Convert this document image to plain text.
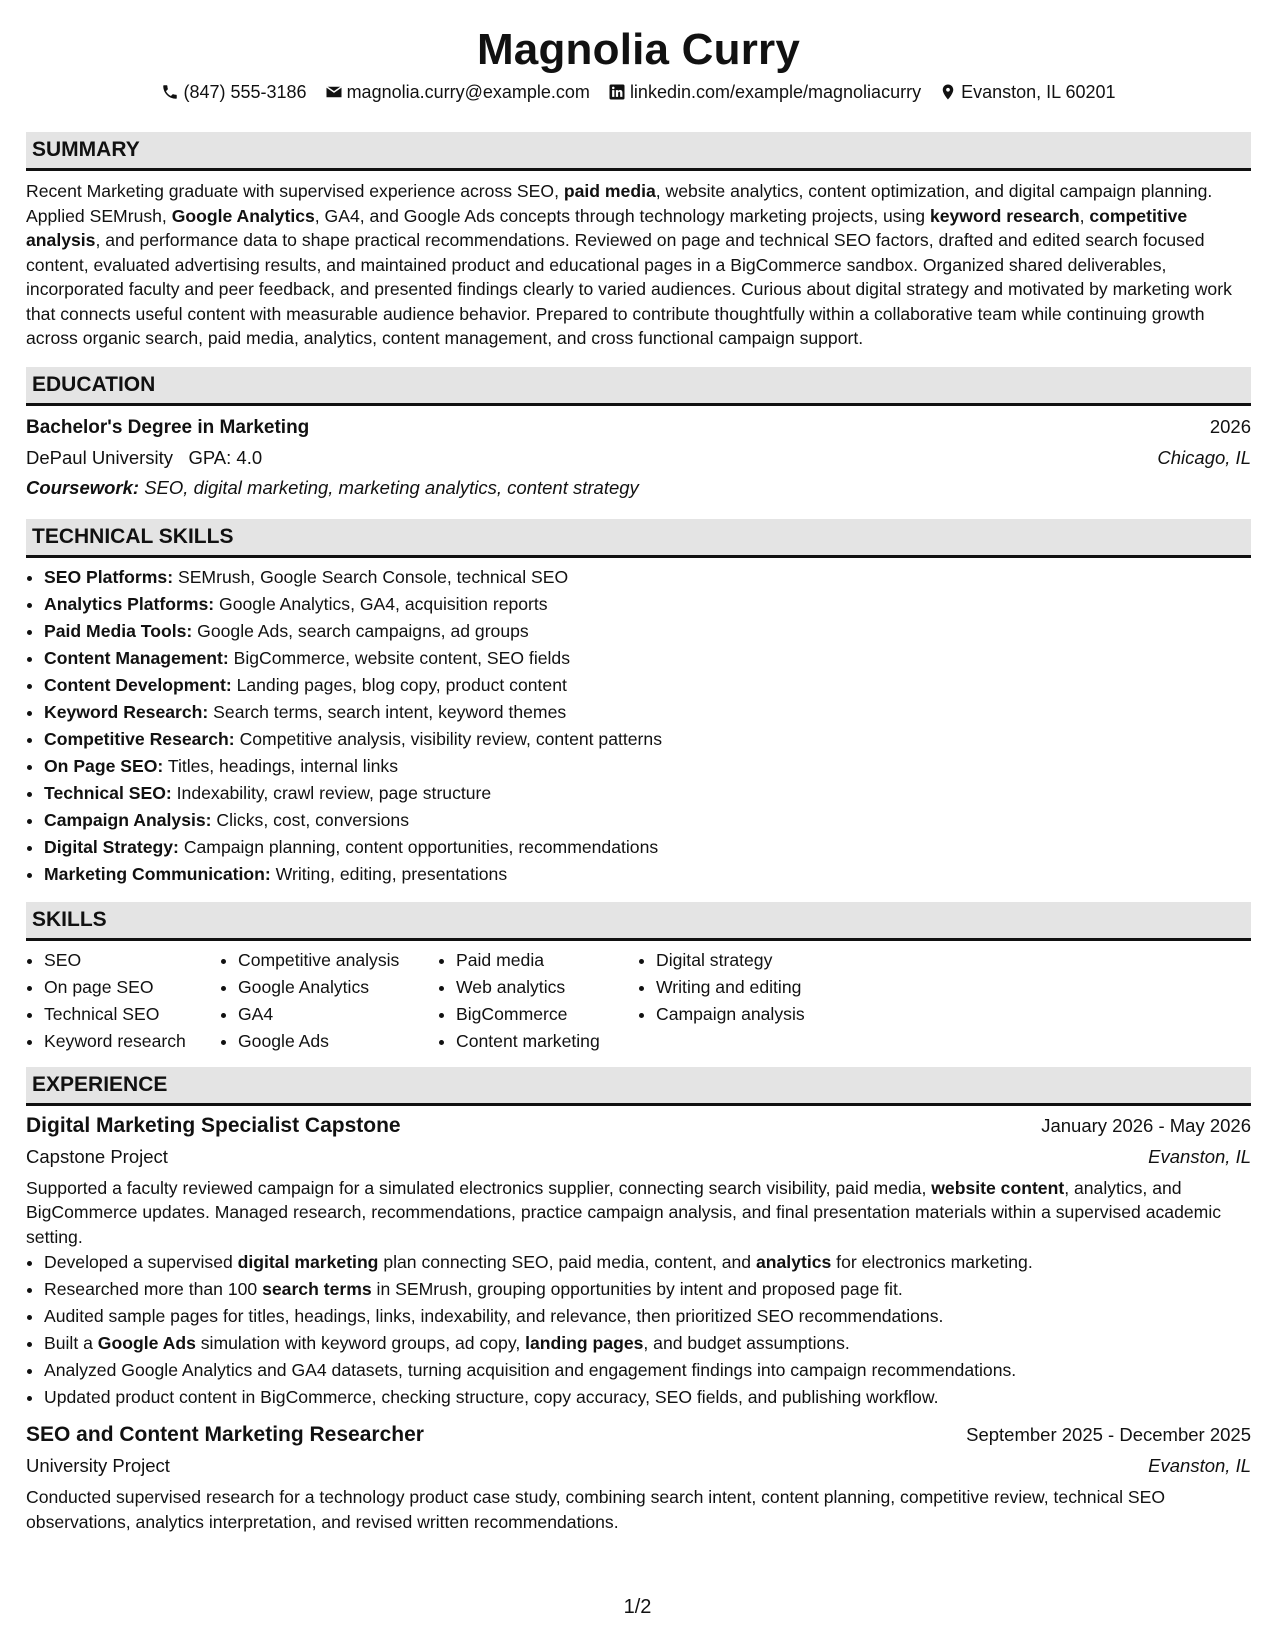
Magnolia Curry
(847) 555-3186 magnolia.curry@example.com linkedin.com/example/magnoliacurry Evanston, IL 60201
SUMMARY

Recent Marketing graduate with supervised experience across SEO, paid media, website analytics, content optimization, and digital campaign planning. Applied SEMrush, Google Analytics, GA4, and Google Ads concepts through technology marketing projects, using keyword research, competitive analysis, and performance data to shape practical recommendations. Reviewed on page and technical SEO factors, drafted and edited search focused content, evaluated advertising results, and maintained product and educational pages in a BigCommerce sandbox. Organized shared deliverables, incorporated faculty and peer feedback, and presented findings clearly to varied audiences. Curious about digital strategy and motivated by marketing work that connects useful content with measurable audience behavior. Prepared to contribute thoughtfully within a collaborative team while continuing growth across organic search, paid media, analytics, content management, and cross functional campaign support.

EDUCATION
Bachelor's Degree in Marketing	2026
DePaul University GPA: 4.0	Chicago, IL
Coursework: SEO, digital marketing, marketing analytics, content strategy
TECHNICAL SKILLS
• SEO Platforms: SEMrush, Google Search Console, technical SEO
• Analytics Platforms: Google Analytics, GA4, acquisition reports
• Paid Media Tools: Google Ads, search campaigns, ad groups
• Content Management: BigCommerce, website content, SEO fields
• Content Development: Landing pages, blog copy, product content
• Keyword Research: Search terms, search intent, keyword themes
• Competitive Research: Competitive analysis, visibility review, content patterns
• On Page SEO: Titles, headings, internal links
• Technical SEO: Indexability, crawl review, page structure
• Campaign Analysis: Clicks, cost, conversions
• Digital Strategy: Campaign planning, content opportunities, recommendations
• Marketing Communication: Writing, editing, presentations
SKILLS
• SEO
• On page SEO
• Technical SEO
• Keyword research
• Competitive analysis
• Google Analytics
• GA4
• Google Ads
• Paid media
• Web analytics
• BigCommerce
• Content marketing
• Digital strategy
• Writing and editing
• Campaign analysis
EXPERIENCE
Digital Marketing Specialist Capstone	January 2026 - May 2026
Capstone Project	Evanston, IL

Supported a faculty reviewed campaign for a simulated electronics supplier, connecting search visibility, paid media, website content, analytics, and BigCommerce updates. Managed research, recommendations, practice campaign analysis, and final presentation materials within a supervised academic setting.

• Developed a supervised digital marketing plan connecting SEO, paid media, content, and analytics for electronics marketing.
• Researched more than 100 search terms in SEMrush, grouping opportunities by intent and proposed page fit.
• Audited sample pages for titles, headings, links, indexability, and relevance, then prioritized SEO recommendations.
• Built a Google Ads simulation with keyword groups, ad copy, landing pages, and budget assumptions.
• Analyzed Google Analytics and GA4 datasets, turning acquisition and engagement findings into campaign recommendations.
• Updated product content in BigCommerce, checking structure, copy accuracy, SEO fields, and publishing workflow.
SEO and Content Marketing Researcher	September 2025 - December 2025
University Project	Evanston, IL

Conducted supervised research for a technology product case study, combining search intent, content planning, competitive review, technical SEO observations, analytics interpretation, and revised written recommendations.

1/2
